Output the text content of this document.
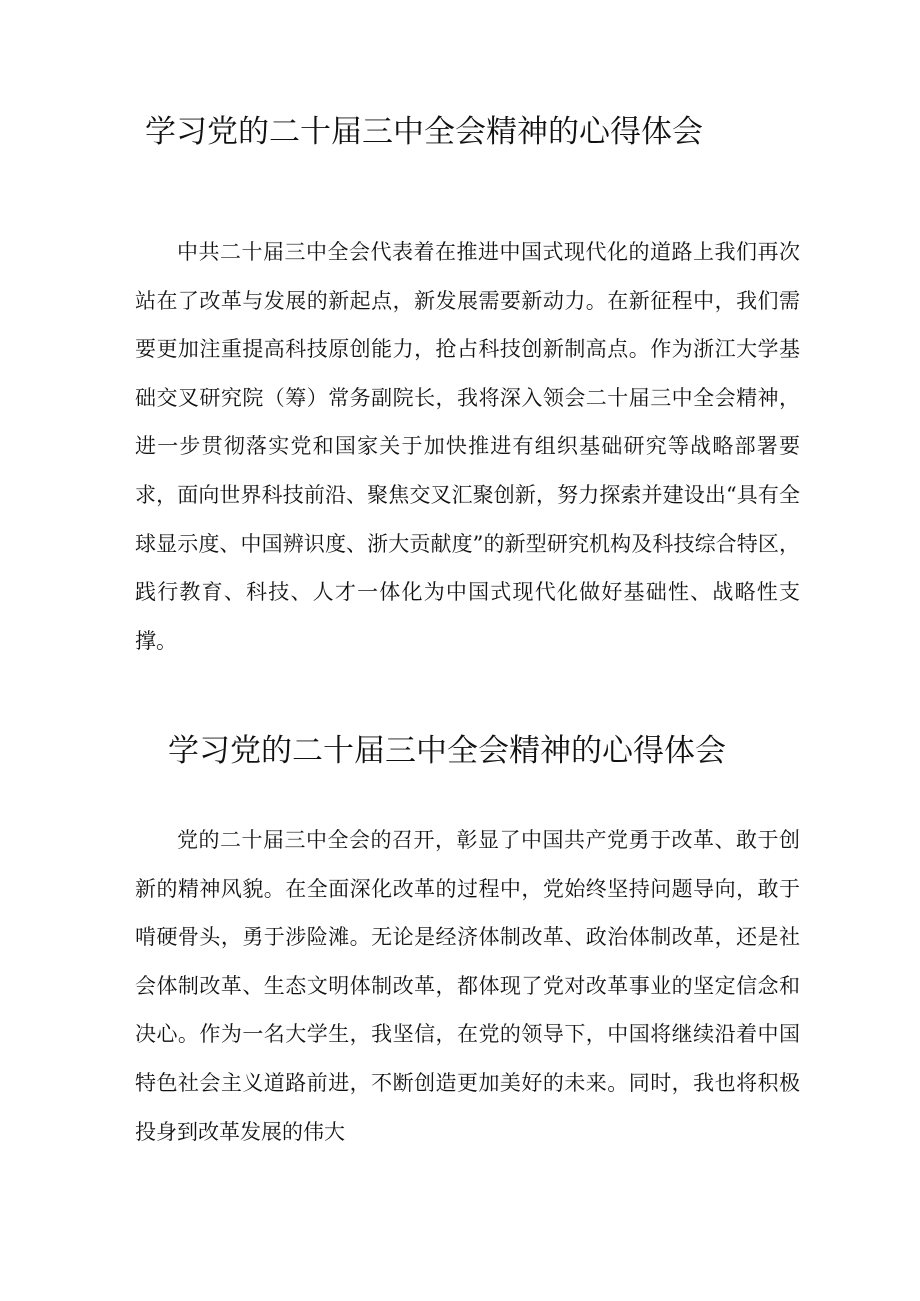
学习党的二十届三中全会精神的心得体会

中共二十届三中全会代表着在推进中国式现代化的道路上我们再次站在了改革与发展的新起点，新发展需要新动力。在新征程中，我们需要更加注重提高科技原创能力，抢占科技创新制高点。作为浙江大学基础交叉研究院（筹）常务副院长，我将深入领会二十届三中全会精神，进一步贯彻落实党和国家关于加快推进有组织基础研究等战略部署要求，面向世界科技前沿、聚焦交叉汇聚创新，努力探索并建设出“具有全球显示度、中国辨识度、浙大贡献度”的新型研究机构及科技综合特区，践行教育、科技、人才一体化为中国式现代化做好基础性、战略性支撑。

学习党的二十届三中全会精神的心得体会

党的二十届三中全会的召开，彰显了中国共产党勇于改革、敢于创新的精神风貌。在全面深化改革的过程中，党始终坚持问题导向，敢于啃硬骨头，勇于涉险滩。无论是经济体制改革、政治体制改革，还是社会体制改革、生态文明体制改革，都体现了党对改革事业的坚定信念和决心。作为一名大学生，我坚信，在党的领导下，中国将继续沿着中国特色社会主义道路前进，不断创造更加美好的未来。同时，我也将积极投身到改革发展的伟大
